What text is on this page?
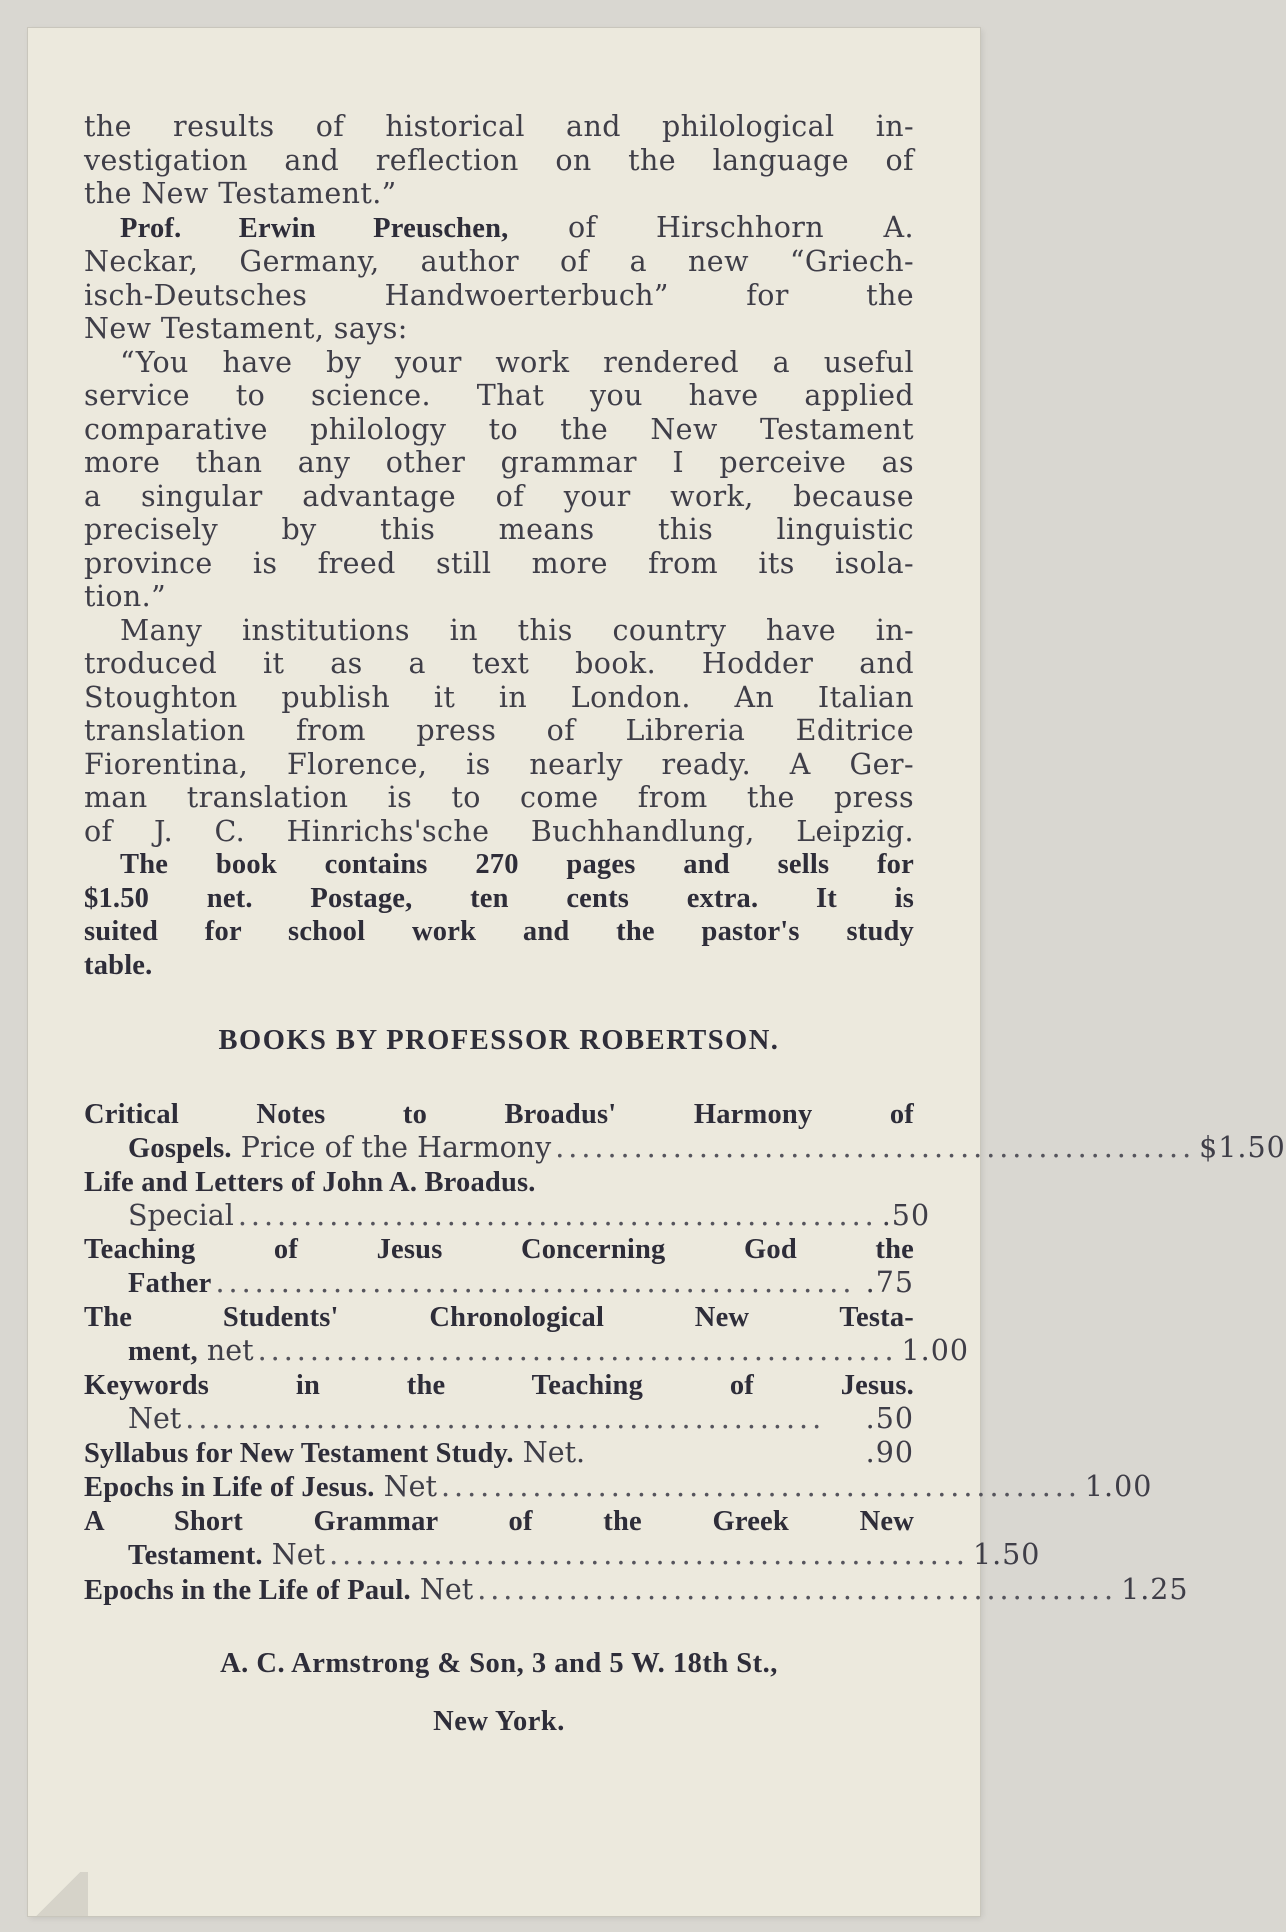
the results of historical and philological in-
vestigation and reflection on the language of
the New Testament.”
Prof. Erwin Preuschen, of Hirschhorn A.
Neckar, Germany, author of a new “Griech-
isch-Deutsches Handwoerterbuch” for the
New Testament, says:
“You have by your work rendered a useful
service to science. That you have applied
comparative philology to the New Testament
more than any other grammar I perceive as
a singular advantage of your work, because
precisely by this means this linguistic
province is freed still more from its isola-
tion.”
Many institutions in this country have in-
troduced it as a text book. Hodder and
Stoughton publish it in London. An Italian
translation from press of Libreria Editrice
Fiorentina, Florence, is nearly ready. A Ger-
man translation is to come from the press
of J. C. Hinrichs'sche Buchhandlung, Leipzig.
The book contains 270 pages and sells for
$1.50 net. Postage, ten cents extra. It is
suited for school work and the pastor's study
table.
BOOKS BY PROFESSOR ROBERTSON.
Critical Notes to Broadus' Harmony of
Gospels. Price of the Harmony ................................................. $1.50
Life and Letters of John A. Broadus.
Special ................................................. .50
Teaching of Jesus Concerning God the
Father ................................................. .75
The Students' Chronological New Testa-
ment, net ................................................. 1.00
Keywords in the Teaching of Jesus.
Net .................................................	.50
Syllabus for New Testament Study. Net.	.90
Epochs in Life of Jesus. Net ................................................. 1.00
A Short Grammar of the Greek New
Testament. Net ................................................. 1.50
Epochs in the Life of Paul. Net ................................................. 1.25
A. C. Armstrong & Son, 3 and 5 W. 18th St.,
New York.
